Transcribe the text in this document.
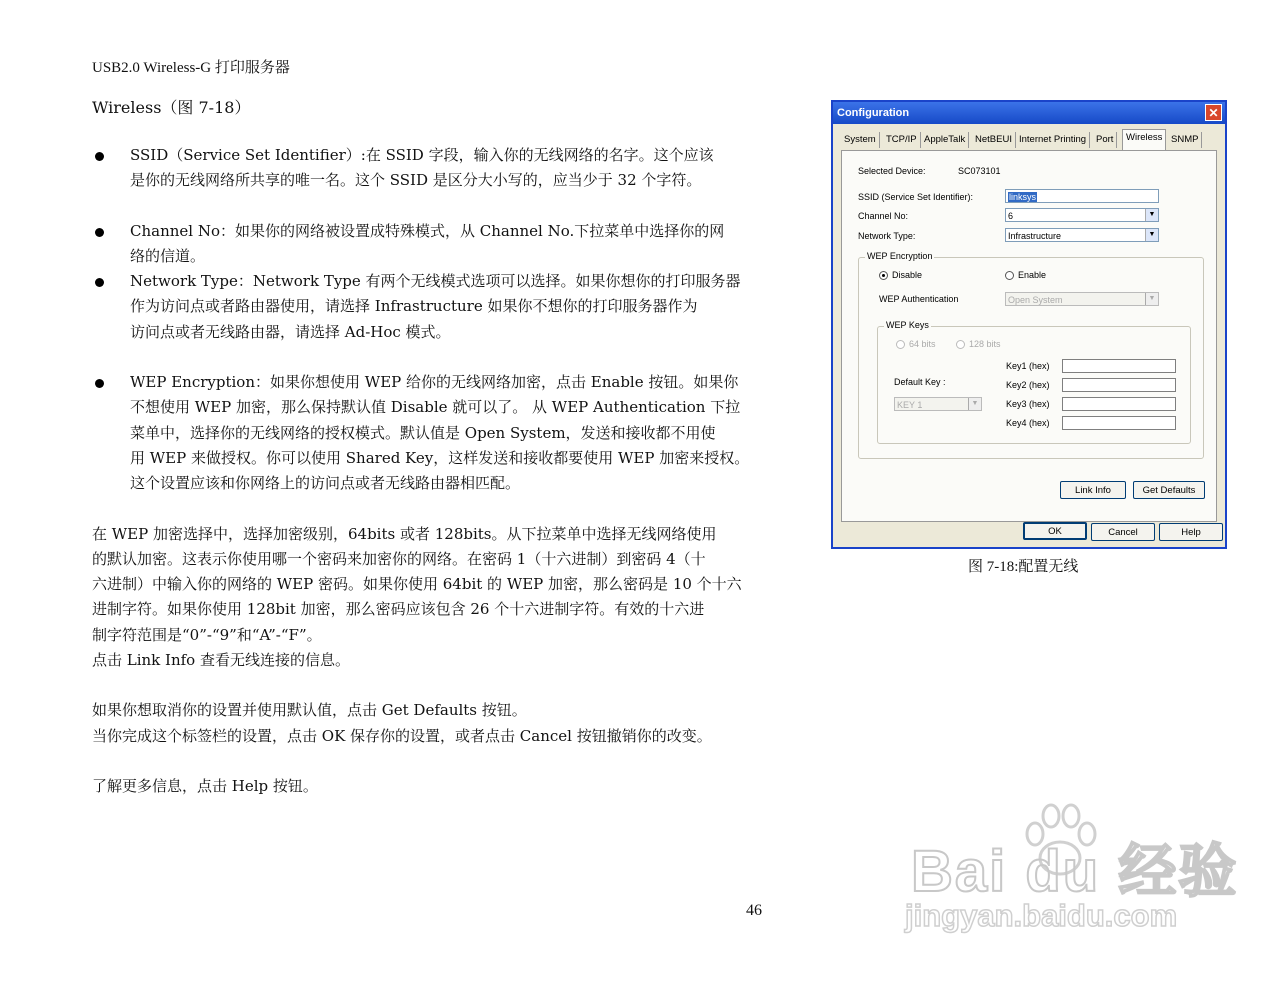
USB2.0 Wireless-G 打印服务器
Wireless（图 7-18）
SSID（Service Set Identifier）:在 SSID 字段，输入你的无线网络的名字。这个应该
是你的无线网络所共享的唯一名。这个 SSID 是区分大小写的，应当少于 32 个字符。
Channel No：如果你的网络被设置成特殊模式，从 Channel No.下拉菜单中选择你的网
络的信道。
Network Type：Network Type 有两个无线模式选项可以选择。如果你想你的打印服务器
作为访问点或者路由器使用，请选择 Infrastructure 如果你不想你的打印服务器作为
访问点或者无线路由器，请选择 Ad-Hoc 模式。
WEP Encryption：如果你想使用 WEP 给你的无线网络加密，点击 Enable 按钮。如果你
不想使用 WEP 加密，那么保持默认值 Disable 就可以了。 从 WEP Authentication 下拉
菜单中，选择你的无线网络的授权模式。默认值是 Open System，发送和接收都不用使
用 WEP 来做授权。你可以使用 Shared Key，这样发送和接收都要使用 WEP 加密来授权。
这个设置应该和你网络上的访问点或者无线路由器相匹配。
在 WEP 加密选择中，选择加密级别，64bits 或者 128bits。从下拉菜单中选择无线网络使用
的默认加密。这表示你使用哪一个密码来加密你的网络。在密码 1（十六进制）到密码 4（十
六进制）中输入你的网络的 WEP 密码。如果你使用 64bit 的 WEP 加密，那么密码是 10 个十六
进制字符。如果你使用 128bit 加密，那么密码应该包含 26 个十六进制字符。有效的十六进
制字符范围是“0”-“9”和“A”-“F”。
点击 Link Info 查看无线连接的信息。
如果你想取消你的设置并使用默认值，点击 Get Defaults 按钮。
当你完成这个标签栏的设置，点击 OK 保存你的设置，或者点击 Cancel 按钮撤销你的改变。
了解更多信息，点击 Help 按钮。
Configuration	✕
System	TCP/IP AppleTalk	NetBEUI Internet Printing	Port	Wireless SNMP
Selected Device:	SC073101
SSID (Service Set Identifier):	linksys
Channel No:	6	▼
Network Type:	Infrastructure	▼
WEP Encryption
Disable	Enable
WEP Authentication	Open System	▼
WEP Keys
64 bits	128 bits
Default Key :
KEY 1	▼
Key1 (hex)
Key2 (hex)
Key3 (hex)
Key4 (hex)
Link Info	Get Defaults
OK	Cancel	Help
图 7-18:配置无线
46
Bai du 经验
jingyan.baidu.com
